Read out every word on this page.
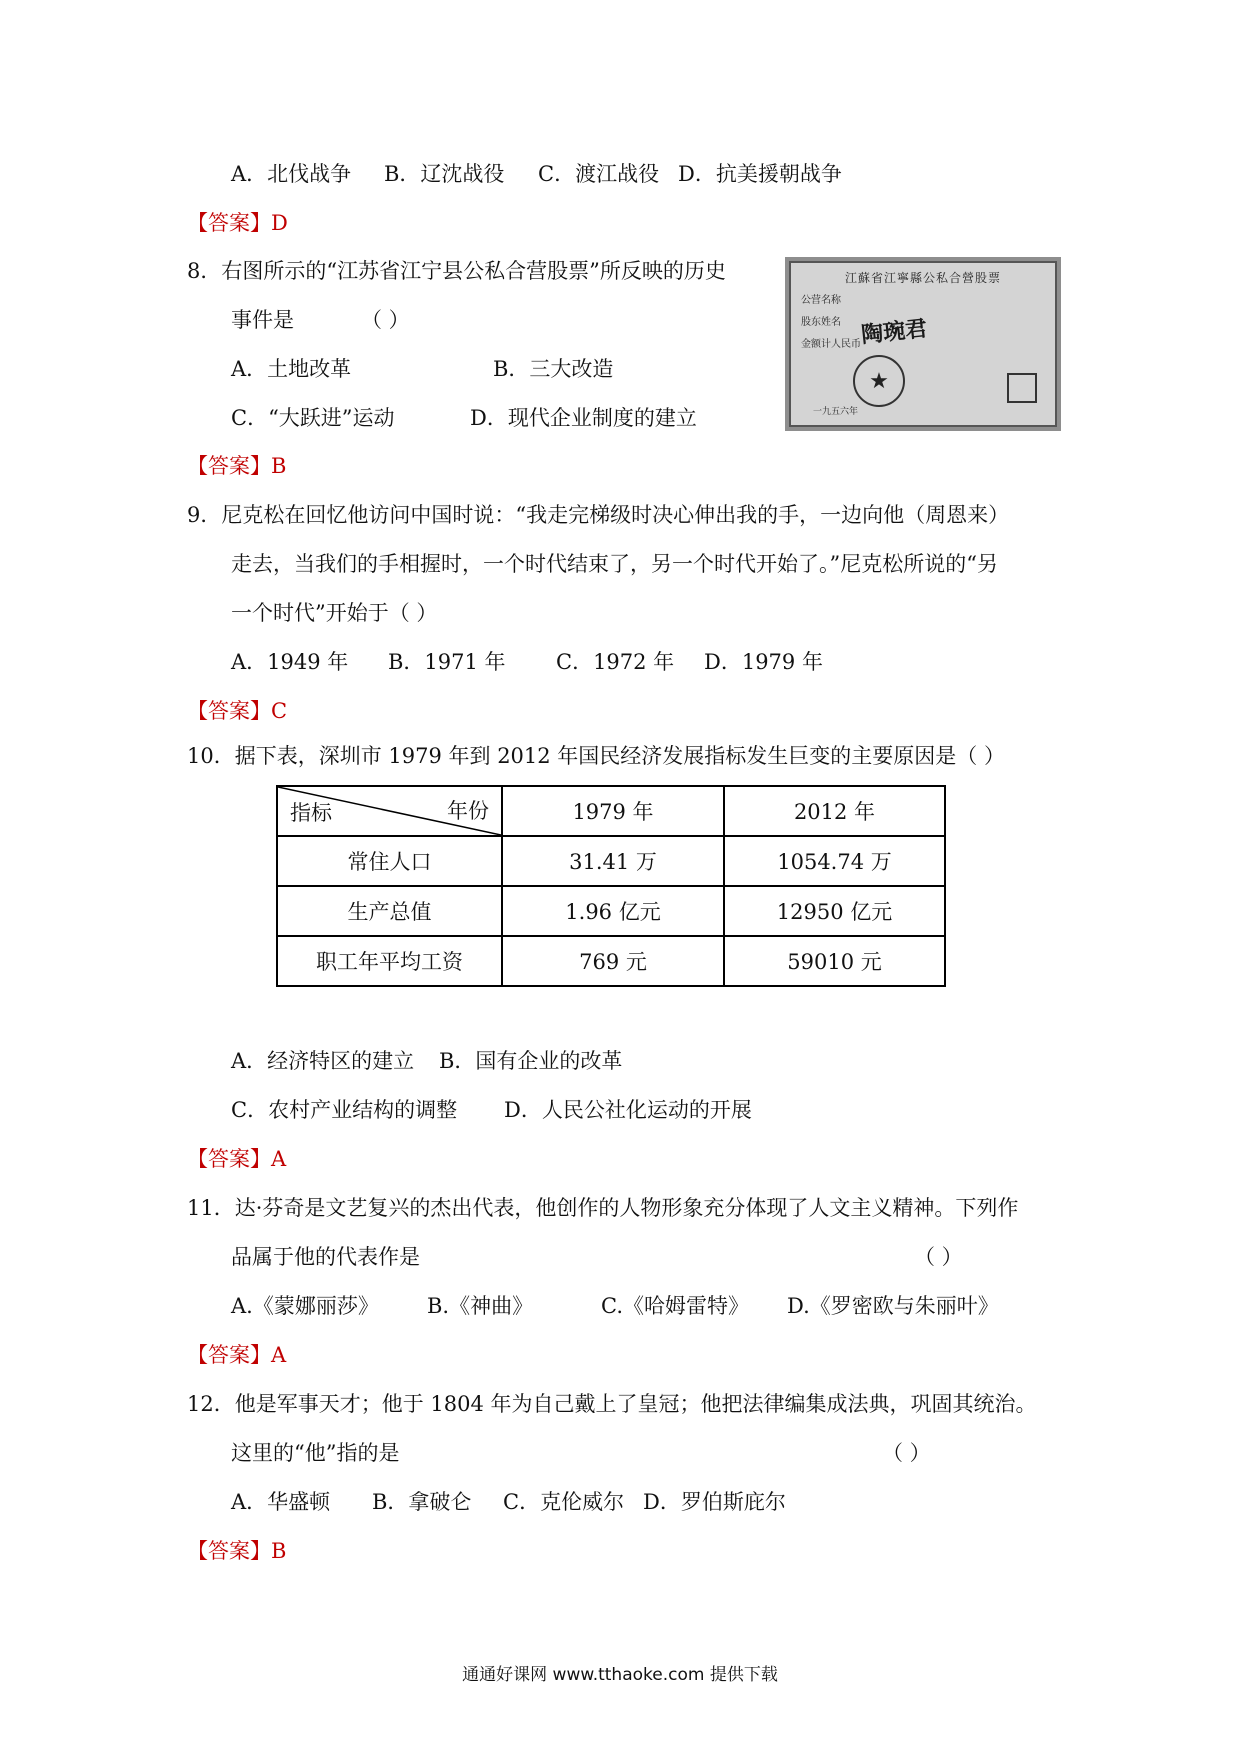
A．北伐战争 B．辽沈战役 C．渡江战役 D．抗美援朝战争
【答案】D
8．右图所示的“江苏省江宁县公私合营股票”所反映的历史
事件是	（ ）
A．土地改革	B．三大改造
C．“大跃进”运动	D．现代企业制度的建立
江蘇省江寧縣公私合營股票
公营名称
股东姓名
金额计人民币
陶琬君
★
一九五六年
【答案】B
9．尼克松在回忆他访问中国时说：“我走完梯级时决心伸出我的手，一边向他（周恩来）
走去，当我们的手相握时，一个时代结束了，另一个时代开始了。”尼克松所说的“另
一个时代”开始于（ ）
A．1949 年 B．1971 年 C．1972 年 D．1979 年
【答案】C
10．据下表，深圳市 1979 年到 2012 年国民经济发展指标发生巨变的主要原因是（ ）
指标 年份	1979 年	2012 年
常住人口	31.41 万	1054.74 万
生产总值	1.96 亿元	12950 亿元
职工年平均工资	769 元	59010 元
A．经济特区的建立 B．国有企业的改革
C．农村产业结构的调整 D．人民公社化运动的开展
【答案】A
11．达·芬奇是文艺复兴的杰出代表，他创作的人物形象充分体现了人文主义精神。下列作
品属于他的代表作是	（ ）
A.《蒙娜丽莎》 B.《神曲》	C.《哈姆雷特》 D.《罗密欧与朱丽叶》
【答案】A
12．他是军事天才；他于 1804 年为自己戴上了皇冠；他把法律编集成法典，巩固其统治。
这里的“他”指的是	（ ）
A．华盛顿 B．拿破仑 C．克伦威尔 D．罗伯斯庇尔
【答案】B
通通好课网 www.tthaoke.com 提供下载
